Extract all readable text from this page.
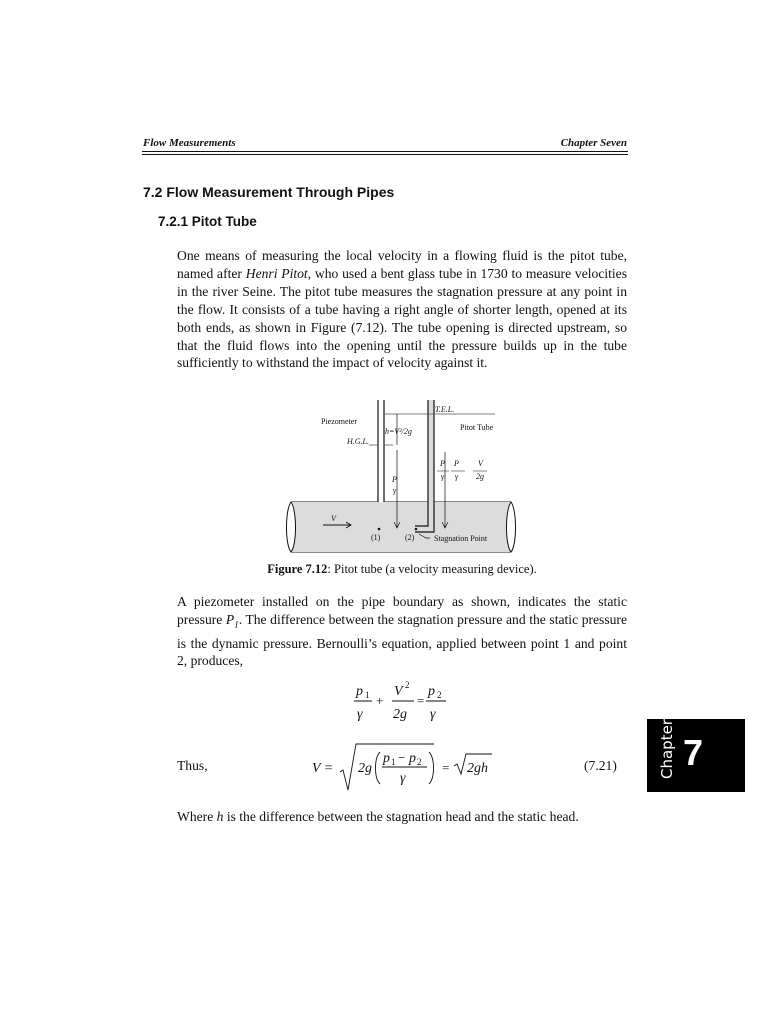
Flow Measurements	Chapter Seven
7.2 Flow Measurement Through Pipes
7.2.1 Pitot Tube
One means of measuring the local velocity in a flowing fluid is the pitot tube, named after Henri Pitot, who used a bent glass tube in 1730 to measure velocities in the river Seine. The pitot tube measures the stagnation pressure at any point in the flow. It consists of a tube having a right angle of shorter length, opened at its both ends, as shown in Figure (7.12). The tube opening is directed upstream, so that the fluid flows into the opening until the pressure builds up in the tube sufficiently to withstand the impact of velocity against it.
Piezometer
T.E.L.
H.G.L.
Pitot Tube
h=V²/2g
P
γ
P
γ
V
2g
V
(1)	(2) Stagnation Point
P
γ
Figure 7.12: Pitot tube (a velocity measuring device).
A piezometer installed on the pipe boundary as shown, indicates the static pressure $P_1$. The difference between the stagnation pressure and the static pressure is the dynamic pressure. Bernoulli’s equation, applied between point 1 and point 2, produces,
p 1
γ
+
V 2
2g
=
p 2
γ
Thus,	V = 2g
p 1 − p 2
γ
= 2gh	(7.21)
Where h is the difference between the stagnation head and the static head.
Chapter 7
